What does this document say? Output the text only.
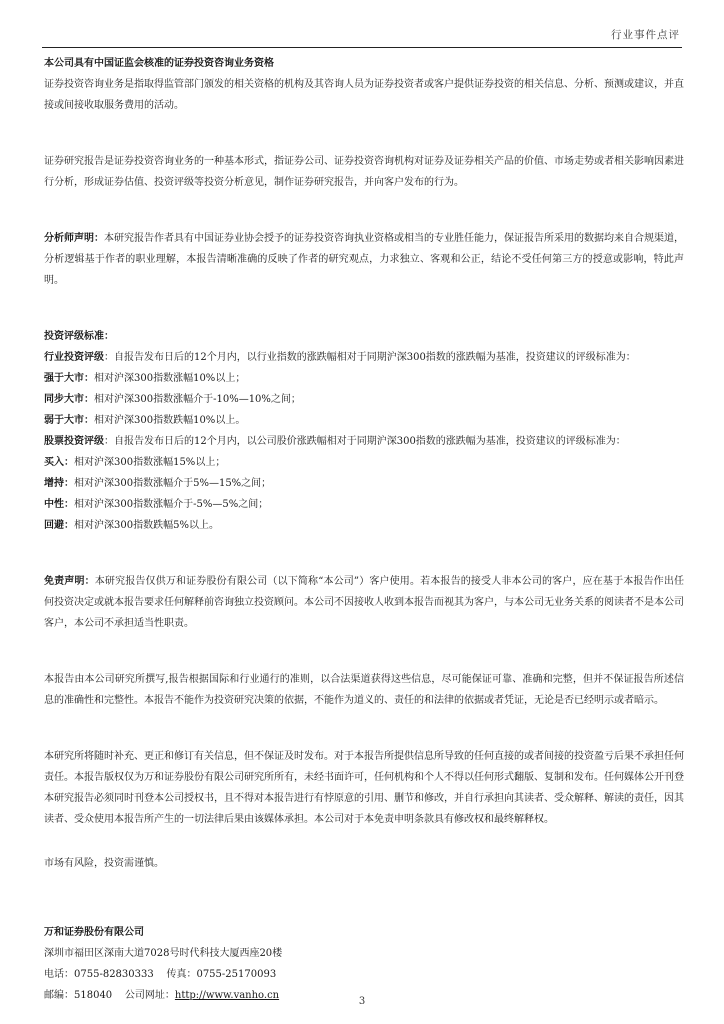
行业事件点评

本公司具有中国证监会核准的证券投资咨询业务资格

证券投资咨询业务是指取得监管部门颁发的相关资格的机构及其咨询人员为证券投资者或客户提供证券投资的相关信息、分析、预测或建议，并直接或间接收取服务费用的活动。

证券研究报告是证券投资咨询业务的一种基本形式，指证券公司、证券投资咨询机构对证券及证券相关产品的价值、市场走势或者相关影响因素进行分析，形成证券估值、投资评级等投资分析意见，制作证券研究报告，并向客户发布的行为。

分析师声明：本研究报告作者具有中国证券业协会授予的证券投资咨询执业资格或相当的专业胜任能力，保证报告所采用的数据均来自合规渠道，分析逻辑基于作者的职业理解，本报告清晰准确的反映了作者的研究观点，力求独立、客观和公正，结论不受任何第三方的授意或影响，特此声明。

投资评级标准：

行业投资评级：自报告发布日后的12个月内，以行业指数的涨跌幅相对于同期沪深300指数的涨跌幅为基准，投资建议的评级标准为：

强于大市：相对沪深300指数涨幅10%以上；

同步大市：相对沪深300指数涨幅介于-10%—10%之间；

弱于大市：相对沪深300指数跌幅10%以上。

股票投资评级：自报告发布日后的12个月内，以公司股价涨跌幅相对于同期沪深300指数的涨跌幅为基准，投资建议的评级标准为：

买入：相对沪深300指数涨幅15%以上；

增持：相对沪深300指数涨幅介于5%—15%之间；

中性：相对沪深300指数涨幅介于-5%—5%之间；

回避：相对沪深300指数跌幅5%以上。

免责声明：本研究报告仅供万和证券股份有限公司（以下简称“本公司”）客户使用。若本报告的接受人非本公司的客户，应在基于本报告作出任何投资决定或就本报告要求任何解释前咨询独立投资顾问。本公司不因接收人收到本报告而视其为客户，与本公司无业务关系的阅读者不是本公司客户，本公司不承担适当性职责。

本报告由本公司研究所撰写,报告根据国际和行业通行的准则，以合法渠道获得这些信息，尽可能保证可靠、准确和完整，但并不保证报告所述信息的准确性和完整性。本报告不能作为投资研究决策的依据，不能作为道义的、责任的和法律的依据或者凭证，无论是否已经明示或者暗示。

本研究所将随时补充、更正和修订有关信息，但不保证及时发布。对于本报告所提供信息所导致的任何直接的或者间接的投资盈亏后果不承担任何责任。本报告版权仅为万和证券股份有限公司研究所所有，未经书面许可，任何机构和个人不得以任何形式翻版、复制和发布。任何媒体公开刊登本研究报告必须同时刊登本公司授权书，且不得对本报告进行有悖原意的引用、删节和修改，并自行承担向其读者、受众解释、解读的责任，因其读者、受众使用本报告所产生的一切法律后果由该媒体承担。本公司对于本免责申明条款具有修改权和最终解释权。

市场有风险，投资需谨慎。

万和证券股份有限公司

深圳市福田区深南大道7028号时代科技大厦西座20楼

电话：0755-82830333 传真：0755-25170093

邮编：518040 公司网址：http://www.vanho.cn

3
